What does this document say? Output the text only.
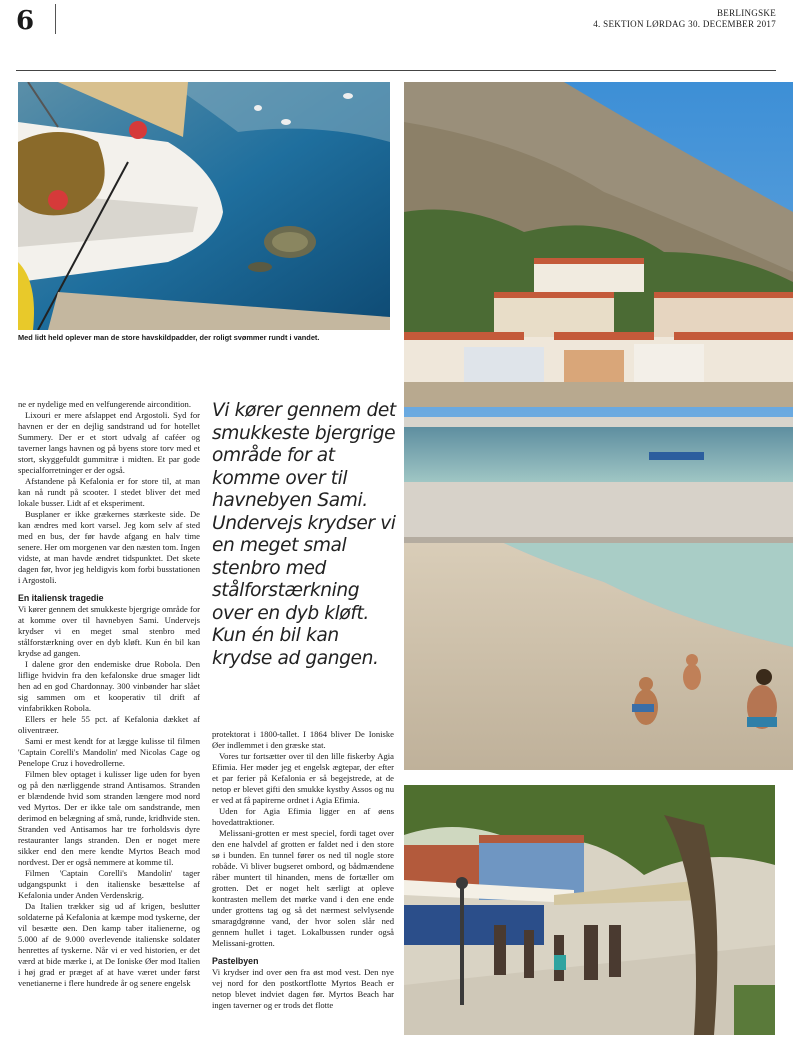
6	BERLINGSKE
4. SEKTION LØRDAG 30. DECEMBER 2017
Med lidt held oplever man de store havskildpadder, der roligt svømmer rundt i vandet.

ne er nydelige med en velfungerende aircondition.

Lixouri er mere afslappet end Argostoli. Syd for havnen er der en dejlig sandstrand ud for hotellet Summery. Der er et stort udvalg af caféer og taverner langs havnen og på byens store torv med et stort, skyggefuldt gummitræ i midten. Et par gode specialforretninger er der også.

Afstandene på Kefalonia er for store til, at man kan nå rundt på scooter. I stedet bliver det med lokale busser. Lidt af et eksperiment.

Busplaner er ikke grækernes stærkeste side. De kan ændres med kort varsel. Jeg kom selv af sted med en bus, der før havde afgang en halv time senere. Her om morgenen var den næsten tom. Ingen vidste, at man havde ændret tidspunktet. Det skete dagen før, hvor jeg heldigvis kom forbi busstationen i Argostoli.

En italiensk tragedie

Vi kører gennem det smukkeste bjergrige område for at komme over til havnebyen Sami. Undervejs krydser vi en meget smal stenbro med stålforstærkning over en dyb kløft. Kun én bil kan krydse ad gangen.

I dalene gror den endemiske drue Robola. Den liflige hvidvin fra den kefalonske drue smager lidt hen ad en god Chardonnay. 300 vinbønder har slået sig sammen om et kooperativ til drift af vinfabrikken Robola.

Ellers er hele 55 pct. af Kefalonia dækket af oliventræer.

Sami er mest kendt for at lægge kulisse til filmen 'Captain Corelli's Mandolin' med Nicolas Cage og Penelope Cruz i hovedrollerne.

Filmen blev optaget i kulisser lige uden for byen og på den nærliggende strand Antisamos. Stranden er blændende hvid som stranden længere mod nord ved Myrtos. Der er ikke tale om sandstrande, men derimod en belægning af små, runde, kridhvide sten. Stranden ved Antisamos har tre forholdsvis dyre restauranter langs stranden. Den er noget mere sikker end den mere kendte Myrtos Beach mod nordvest. Der er også nemmere at komme til.

Filmen 'Captain Corelli's Mandolin' tager udgangspunkt i den italienske besættelse af Kefalonia under Anden Verdenskrig.

Da Italien trækker sig ud af krigen, beslutter soldaterne på Kefalonia at kæmpe mod tyskerne, der vil besætte øen. Den kamp taber italienerne, og 5.000 af de 9.000 overlevende italienske soldater henrettes af tyskerne. Når vi er ved historien, er det værd at bide mærke i, at De Ioniske Øer mod Italien i høj grad er præget af at have været under først venetianerne i flere hundrede år og senere engelsk

Vi kører gennem det smukkeste bjergrige område for at komme over til havnebyen Sami. Undervejs krydser vi en meget smal stenbro med stålforstærkning over en dyb kløft. Kun én bil kan krydse ad gangen.

protektorat i 1800-tallet. I 1864 bliver De Ioniske Øer indlemmet i den græske stat.

Vores tur fortsætter over til den lille fiskerby Agia Efimia. Her møder jeg et engelsk ægtepar, der efter et par ferier på Kefalonia er så begejstrede, at de netop er blevet gifti den smukke kystby Assos og nu er ved at få papirerne ordnet i Agia Efimia.

Uden for Agia Efimia ligger en af øens hovedattraktioner.

Melissani-grotten er mest speciel, fordi taget over den ene halvdel af grotten er faldet ned i den store sø i bunden. En tunnel fører os ned til nogle store robåde. Vi bliver bugseret ombord, og bådmændene råber muntert til hinanden, mens de fortæller om grotten. Det er noget helt særligt at opleve kontrasten mellem det mørke vand i den ene ende under grottens tag og så det nærmest selvlysende smaragdgrønne vand, der hvor solen slår ned gennem hullet i taget. Lokalbussen runder også Melissani-grotten.

Pastelbyen

Vi krydser ind over øen fra øst mod vest. Den nye vej nord for den postkortflotte Myrtos Beach er netop blevet indviet dagen før. Myrtos Beach har ingen taverner og er trods det flotte
